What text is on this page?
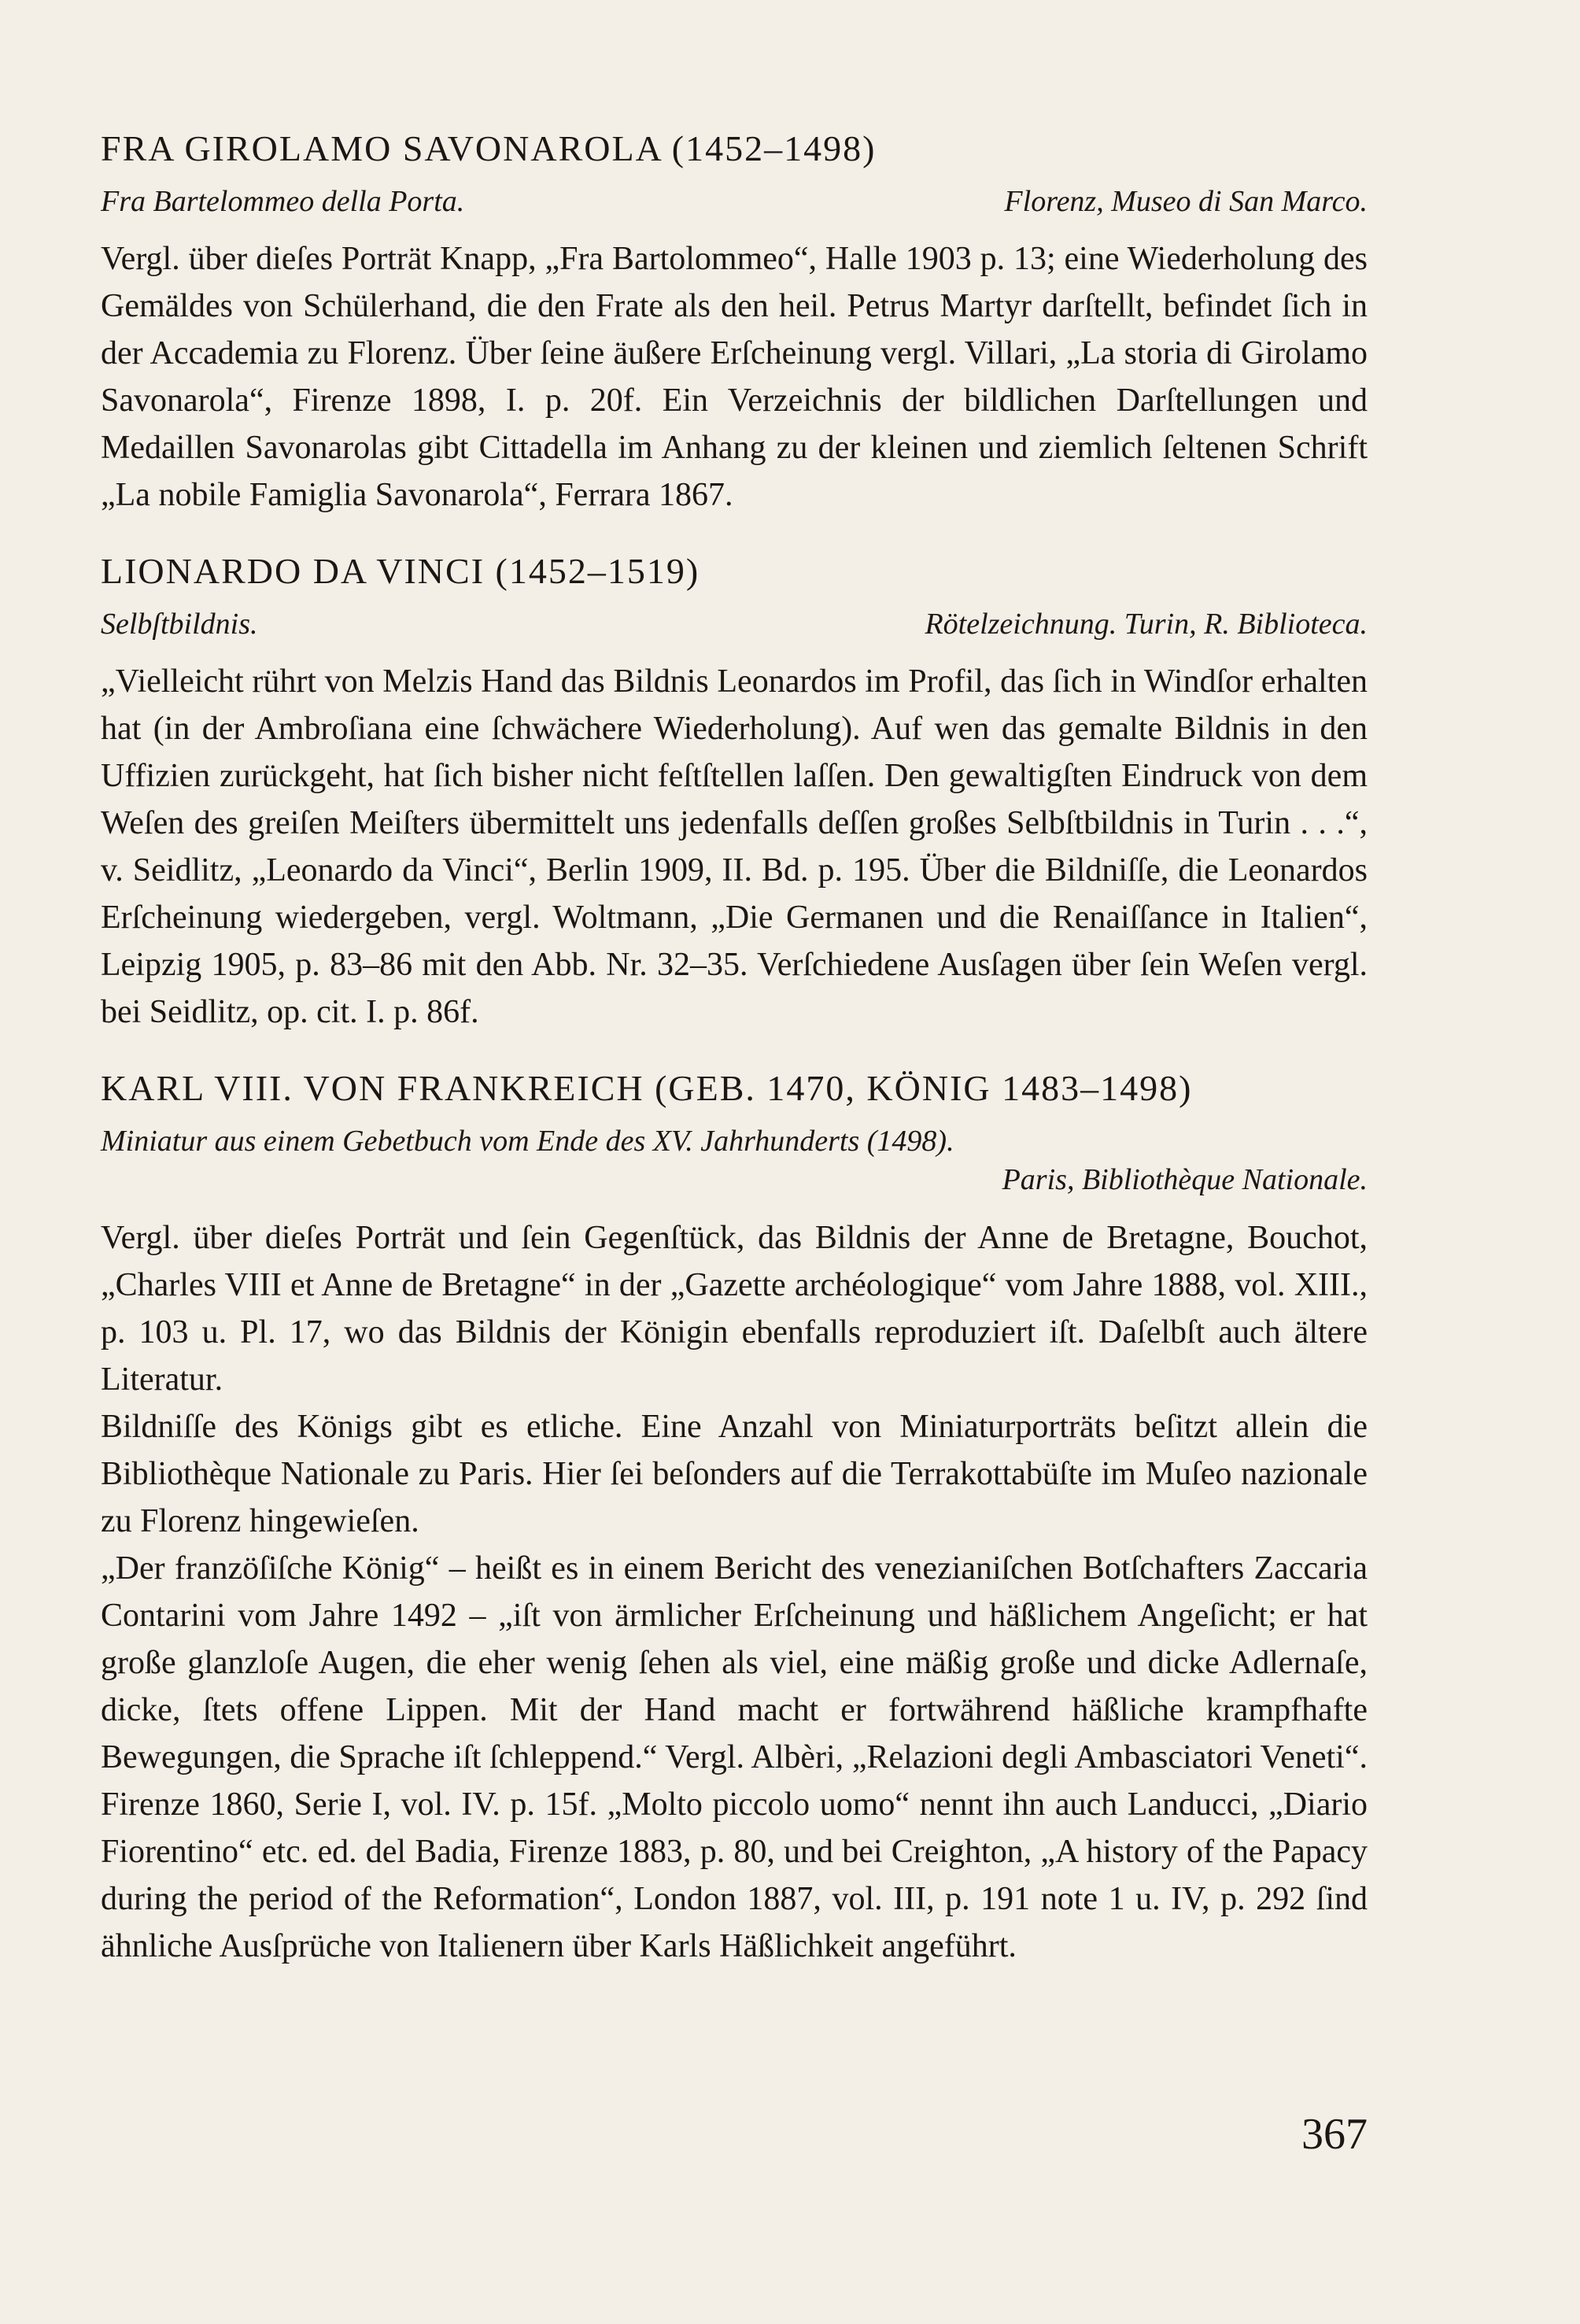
FRA GIROLAMO SAVONAROLA (1452–1498)
Fra Bartelommeo della Porta.	Florenz, Museo di San Marco.

Vergl. über dieſes Porträt Knapp, „Fra Bartolommeo“, Halle 1903 p. 13; eine Wiederholung des Gemäldes von Schülerhand, die den Frate als den heil. Petrus Martyr darſtellt, befindet ſich in der Accademia zu Florenz. Über ſeine äußere Erſcheinung vergl. Villari, „La storia di Girolamo Savonarola“, Firenze 1898, I. p. 20f. Ein Verzeichnis der bildlichen Darſtellungen und Medaillen Savonarolas gibt Cittadella im Anhang zu der kleinen und ziemlich ſeltenen Schrift „La nobile Famiglia Savonarola“, Ferrara 1867.

LIONARDO DA VINCI (1452–1519)
Selbſtbildnis.	Rötelzeichnung. Turin, R. Biblioteca.

„Vielleicht rührt von Melzis Hand das Bildnis Leonardos im Profil, das ſich in Windſor erhalten hat (in der Ambroſiana eine ſchwächere Wiederholung). Auf wen das gemalte Bildnis in den Uffizien zurückgeht, hat ſich bisher nicht feſtſtellen laſſen. Den gewaltigſten Eindruck von dem Weſen des greiſen Meiſters übermittelt uns jedenfalls deſſen großes Selbſtbildnis in Turin . . .“, v. Seidlitz, „Leonardo da Vinci“, Berlin 1909, II. Bd. p. 195. Über die Bildniſſe, die Leonardos Erſcheinung wiedergeben, vergl. Woltmann, „Die Germanen und die Renaiſſance in Italien“, Leipzig 1905, p. 83–86 mit den Abb. Nr. 32–35. Verſchiedene Ausſagen über ſein Weſen vergl. bei Seidlitz, op. cit. I. p. 86f.

KARL VIII. VON FRANKREICH (GEB. 1470, KÖNIG 1483–1498)
Miniatur aus einem Gebetbuch vom Ende des XV. Jahrhunderts (1498).
Paris, Bibliothèque Nationale.

Vergl. über dieſes Porträt und ſein Gegenſtück, das Bildnis der Anne de Bretagne, Bouchot, „Charles VIII et Anne de Bretagne“ in der „Gazette archéologique“ vom Jahre 1888, vol. XIII., p. 103 u. Pl. 17, wo das Bildnis der Königin ebenfalls reproduziert iſt. Daſelbſt auch ältere Literatur.

Bildniſſe des Königs gibt es etliche. Eine Anzahl von Miniaturporträts beſitzt allein die Bibliothèque Nationale zu Paris. Hier ſei beſonders auf die Terrakottabüſte im Muſeo nazionale zu Florenz hingewieſen.

„Der franzöſiſche König“ – heißt es in einem Bericht des venezianiſchen Botſchafters Zaccaria Contarini vom Jahre 1492 – „iſt von ärmlicher Erſcheinung und häßlichem Angeſicht; er hat große glanzloſe Augen, die eher wenig ſehen als viel, eine mäßig große und dicke Adlernaſe, dicke, ſtets offene Lippen. Mit der Hand macht er fortwährend häßliche krampfhafte Bewegungen, die Sprache iſt ſchleppend.“ Vergl. Albèri, „Relazioni degli Ambasciatori Veneti“. Firenze 1860, Serie I, vol. IV. p. 15f. „Molto piccolo uomo“ nennt ihn auch Landucci, „Diario Fiorentino“ etc. ed. del Badia, Firenze 1883, p. 80, und bei Creighton, „A history of the Papacy during the period of the Reformation“, London 1887, vol. III, p. 191 note 1 u. IV, p. 292 ſind ähnliche Ausſprüche von Italienern über Karls Häßlichkeit angeführt.

367
